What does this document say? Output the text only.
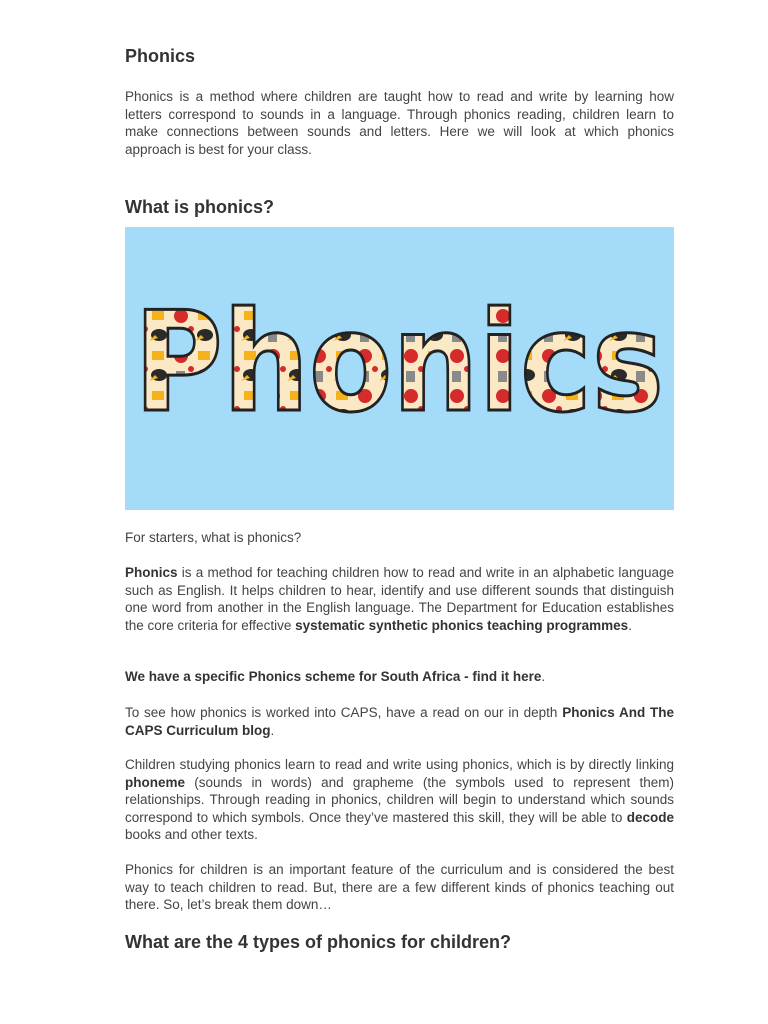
Phonics

Phonics is a method where children are taught how to read and write by learning how letters correspond to sounds in a language. Through phonics reading, children learn to make connections between sounds and letters. Here we will look at which phonics approach is best for your class.

What is phonics?
Phonics

For starters, what is phonics?

Phonics is a method for teaching children how to read and write in an alphabetic language such as English. It helps children to hear, identify and use different sounds that distinguish one word from another in the English language. The Department for Education establishes the core criteria for effective systematic synthetic phonics teaching programmes.

We have a specific Phonics scheme for South Africa - find it here.

To see how phonics is worked into CAPS, have a read on our in depth Phonics And The CAPS Curriculum blog.

Children studying phonics learn to read and write using phonics, which is by directly linking phoneme (sounds in words) and grapheme (the symbols used to represent them) relationships. Through reading in phonics, children will begin to understand which sounds correspond to which symbols. Once they’ve mastered this skill, they will be able to decode books and other texts.

Phonics for children is an important feature of the curriculum and is considered the best way to teach children to read. But, there are a few different kinds of phonics teaching out there. So, let’s break them down…

What are the 4 types of phonics for children?
